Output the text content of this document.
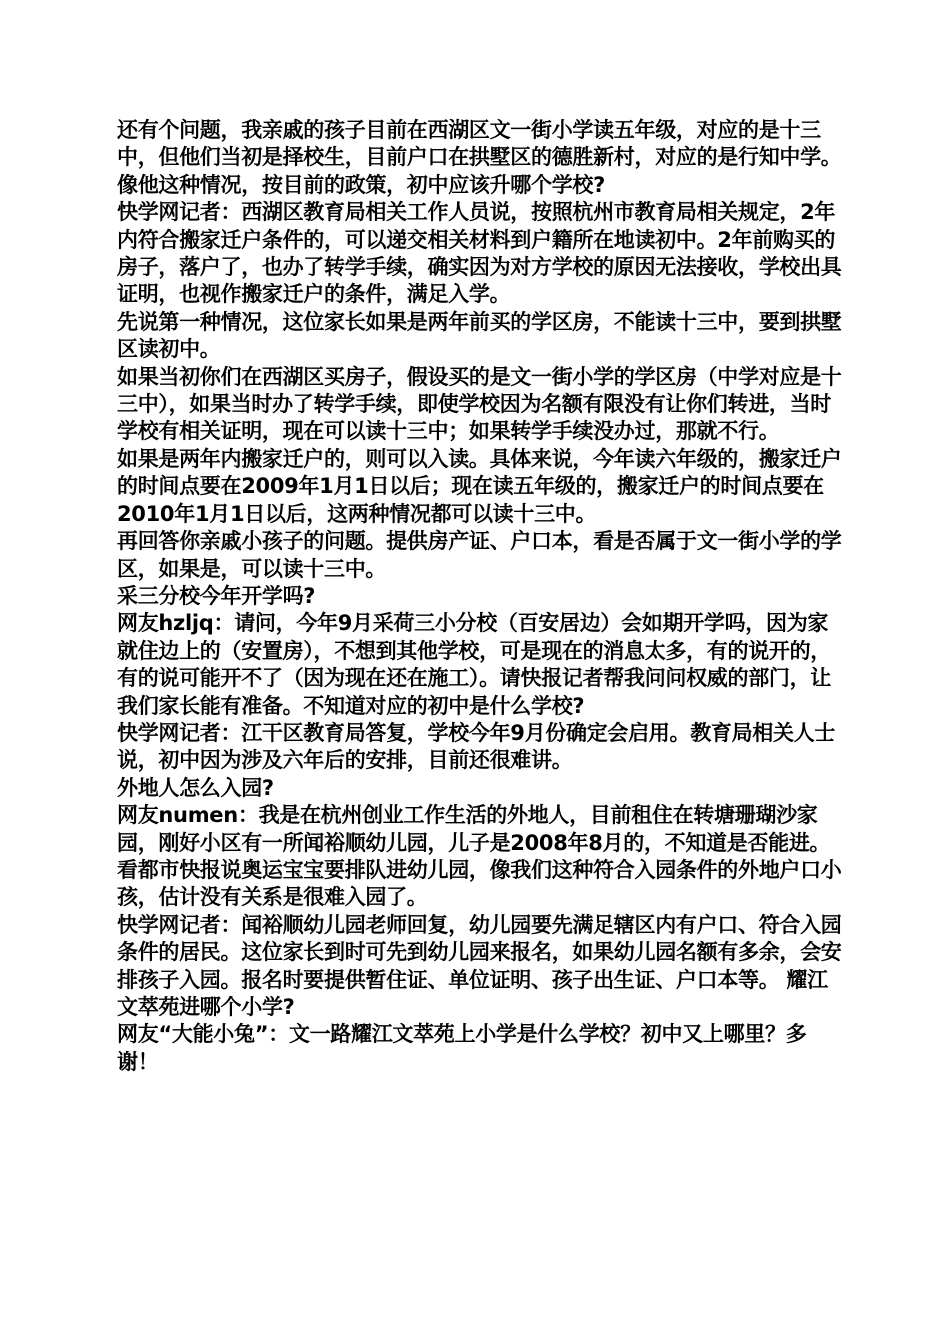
还有个问题，我亲戚的孩子目前在西湖区文一街小学读五年级，对应的是十三中，但他们当初是择校生，目前户口在拱墅区的德胜新村，对应的是行知中学。像他这种情况，按目前的政策，初中应该升哪个学校?

快学网记者：西湖区教育局相关工作人员说，按照杭州市教育局相关规定，2年内符合搬家迁户条件的，可以递交相关材料到户籍所在地读初中。2年前购买的房子，落户了，也办了转学手续，确实因为对方学校的原因无法接收，学校出具证明，也视作搬家迁户的条件，满足入学。

先说第一种情况，这位家长如果是两年前买的学区房，不能读十三中，要到拱墅区读初中。

如果当初你们在西湖区买房子，假设买的是文一街小学的学区房（中学对应是十三中），如果当时办了转学手续，即使学校因为名额有限没有让你们转进，当时学校有相关证明，现在可以读十三中；如果转学手续没办过，那就不行。

如果是两年内搬家迁户的，则可以入读。具体来说，今年读六年级的，搬家迁户的时间点要在2009年1月1日以后；现在读五年级的，搬家迁户的时间点要在2010年1月1日以后，这两种情况都可以读十三中。

再回答你亲戚小孩子的问题。提供房产证、户口本，看是否属于文一街小学的学区，如果是，可以读十三中。

采三分校今年开学吗?

网友hzljq：请问，今年9月采荷三小分校（百安居边）会如期开学吗，因为家就住边上的（安置房），不想到其他学校，可是现在的消息太多，有的说开的，有的说可能开不了（因为现在还在施工）。请快报记者帮我问问权威的部门，让我们家长能有准备。不知道对应的初中是什么学校?

快学网记者：江干区教育局答复，学校今年9月份确定会启用。教育局相关人士说，初中因为涉及六年后的安排，目前还很难讲。

外地人怎么入园?

网友numen：我是在杭州创业工作生活的外地人，目前租住在转塘珊瑚沙家园，刚好小区有一所闻裕顺幼儿园，儿子是2008年8月的，不知道是否能进。看都市快报说奥运宝宝要排队进幼儿园，像我们这种符合入园条件的外地户口小孩，估计没有关系是很难入园了。

快学网记者：闻裕顺幼儿园老师回复，幼儿园要先满足辖区内有户口、符合入园条件的居民。这位家长到时可先到幼儿园来报名，如果幼儿园名额有多余，会安排孩子入园。报名时要提供暂住证、单位证明、孩子出生证、户口本等。 耀江文萃苑进哪个小学?

网友“大能小兔”：文一路耀江文萃苑上小学是什么学校？初中又上哪里？多谢！
